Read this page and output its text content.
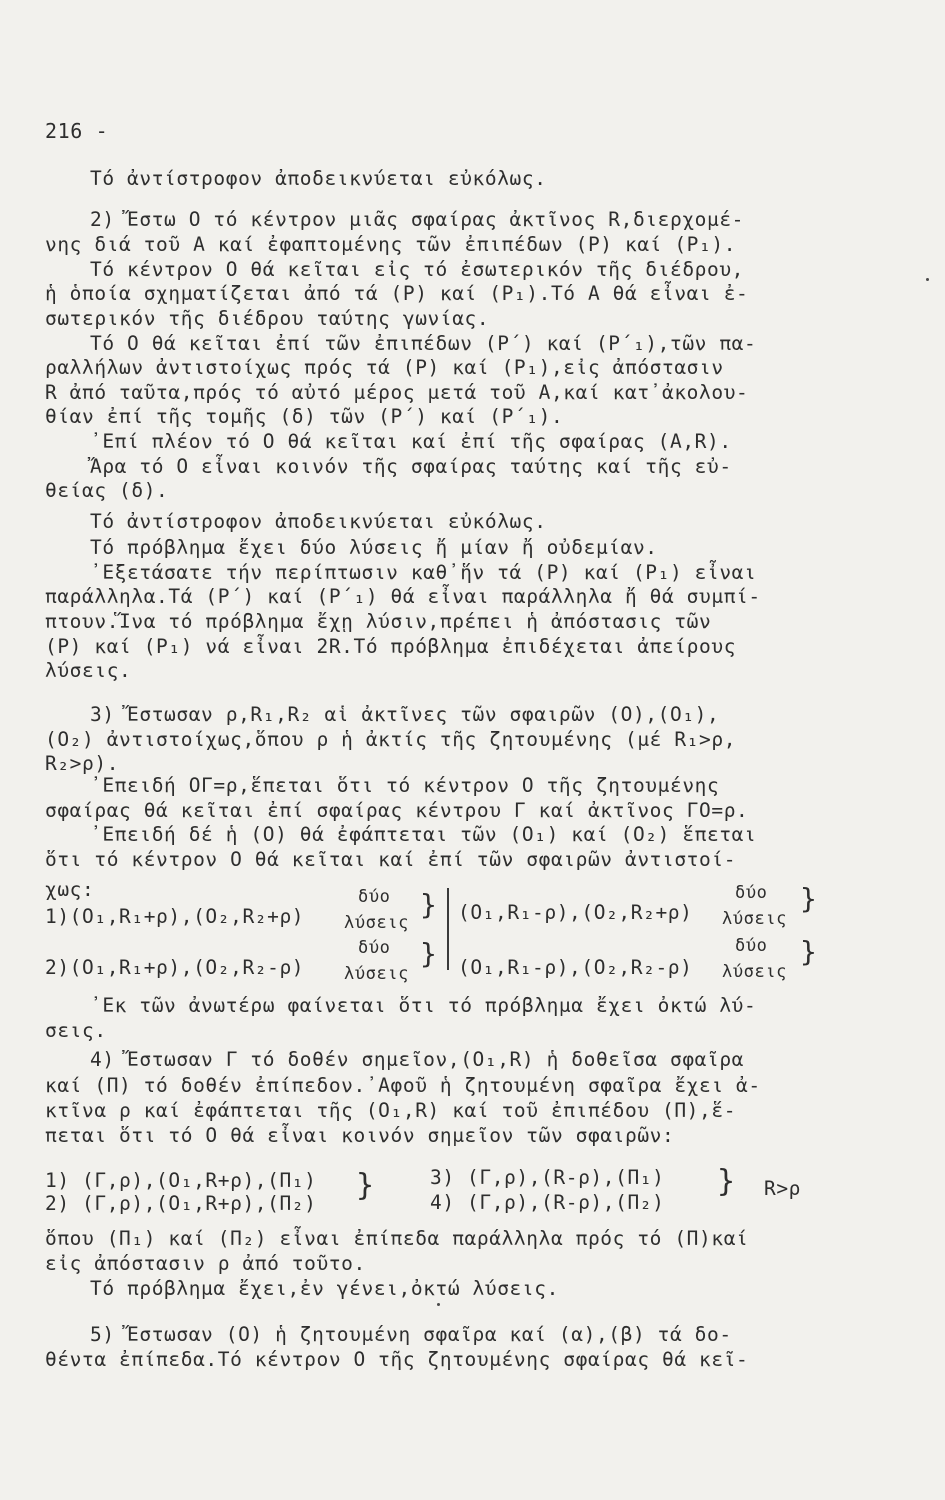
216 -
Τό ἀντίστροφον ἀποδεικνύεται εὐκόλως.
2) Ἔστω Ο τό κέντρον μιᾶς σφαίρας ἀκτῖνος R,διερχομέ-
νης διά τοῦ Α καί ἐφαπτομένης τῶν ἐπιπέδων (P) καί (P₁).
Τό κέντρον Ο θά κεῖται εἰς τό ἐσωτερικόν τῆς διέδρου,
ἡ ὁποία σχηματίζεται ἀπό τά (P) καί (P₁).Τό Α θά εἶναι ἐ-
σωτερικόν τῆς διέδρου ταύτης γωνίας.
Τό Ο θά κεῖται ἐπί τῶν ἐπιπέδων (P΄) καί (P΄₁),τῶν πα-
ραλλήλων ἀντιστοίχως πρός τά (P) καί (P₁),εἰς ἀπόστασιν
R ἀπό ταῦτα,πρός τό αὐτό μέρος μετά τοῦ Α,καί κατ᾽ἀκολου-
θίαν ἐπί τῆς τομῆς (δ) τῶν (P΄) καί (P΄₁).
᾽Επί πλέον τό Ο θά κεῖται καί ἐπί τῆς σφαίρας (Α,R).
Ἄρα τό Ο εἶναι κοινόν τῆς σφαίρας ταύτης καί τῆς εὐ-
θείας (δ).
Τό ἀντίστροφον ἀποδεικνύεται εὐκόλως.
Τό πρόβλημα ἔχει δύο λύσεις ἤ μίαν ἤ οὐδεμίαν.
᾽Εξετάσατε τήν περίπτωσιν καθ᾽ἥν τά (P) καί (P₁) εἶναι
παράλληλα.Τά (P΄) καί (P΄₁) θά εἶναι παράλληλα ἤ θά συμπί-
πτουν.Ἵνα τό πρόβλημα ἔχῃ λύσιν,πρέπει ἡ ἀπόστασις τῶν
(P) καί (P₁) νά εἶναι 2R.Τό πρόβλημα ἐπιδέχεται ἀπείρους
λύσεις.
3) Ἔστωσαν ρ,R₁,R₂ αἱ ἀκτῖνες τῶν σφαιρῶν (Ο),(Ο₁),
(Ο₂) ἀντιστοίχως,ὅπου ρ ἡ ἀκτίς τῆς ζητουμένης (μέ R₁>ρ,
R₂>ρ).
᾽Επειδή ΟΓ=ρ,ἕπεται ὅτι τό κέντρον Ο τῆς ζητουμένης
σφαίρας θά κεῖται ἐπί σφαίρας κέντρου Γ καί ἀκτῖνος ΓΟ=ρ.
᾽Επειδή δέ ἡ (Ο) θά ἐφάπτεται τῶν (Ο₁) καί (Ο₂) ἕπεται
ὅτι τό κέντρον Ο θά κεῖται καί ἐπί τῶν σφαιρῶν ἀντιστοί-
χως:
1)(Ο₁,R₁+ρ),(Ο₂,R₂+ρ)
δύο
λύσεις
} (Ο₁,R₁-ρ),(Ο₂,R₂+ρ)
δύο
λύσεις
}
2)(Ο₁,R₁+ρ),(Ο₂,R₂-ρ)
δύο
λύσεις
} (Ο₁,R₁-ρ),(Ο₂,R₂-ρ)
δύο
λύσεις
}
᾽Εκ τῶν ἀνωτέρω φαίνεται ὅτι τό πρόβλημα ἔχει ὀκτώ λύ-
σεις.
4) Ἔστωσαν Γ τό δοθέν σημεῖον,(Ο₁,R) ἡ δοθεῖσα σφαῖρα
καί (Π) τό δοθέν ἐπίπεδον.᾽Αφοῦ ἡ ζητουμένη σφαῖρα ἔχει ἀ-
κτῖνα ρ καί ἐφάπτεται τῆς (Ο₁,R) καί τοῦ ἐπιπέδου (Π),ἕ-
πεται ὅτι τό Ο θά εἶναι κοινόν σημεῖον τῶν σφαιρῶν:
1) (Γ,ρ),(Ο₁,R+ρ),(Π₁)
2) (Γ,ρ),(Ο₁,R+ρ),(Π₂)
}	3) (Γ,ρ),(R-ρ),(Π₁)
4) (Γ,ρ),(R-ρ),(Π₂)
} R>ρ
ὅπου (Π₁) καί (Π₂) εἶναι ἐπίπεδα παράλληλα πρός τό (Π)καί
εἰς ἀπόστασιν ρ ἀπό τοῦτο.
Τό πρόβλημα ἔχει,ἐν γένει,ὀκτώ λύσεις.
5) Ἔστωσαν (Ο) ἡ ζητουμένη σφαῖρα καί (α),(β) τά δο-
θέντα ἐπίπεδα.Τό κέντρον Ο τῆς ζητουμένης σφαίρας θά κεῖ-
